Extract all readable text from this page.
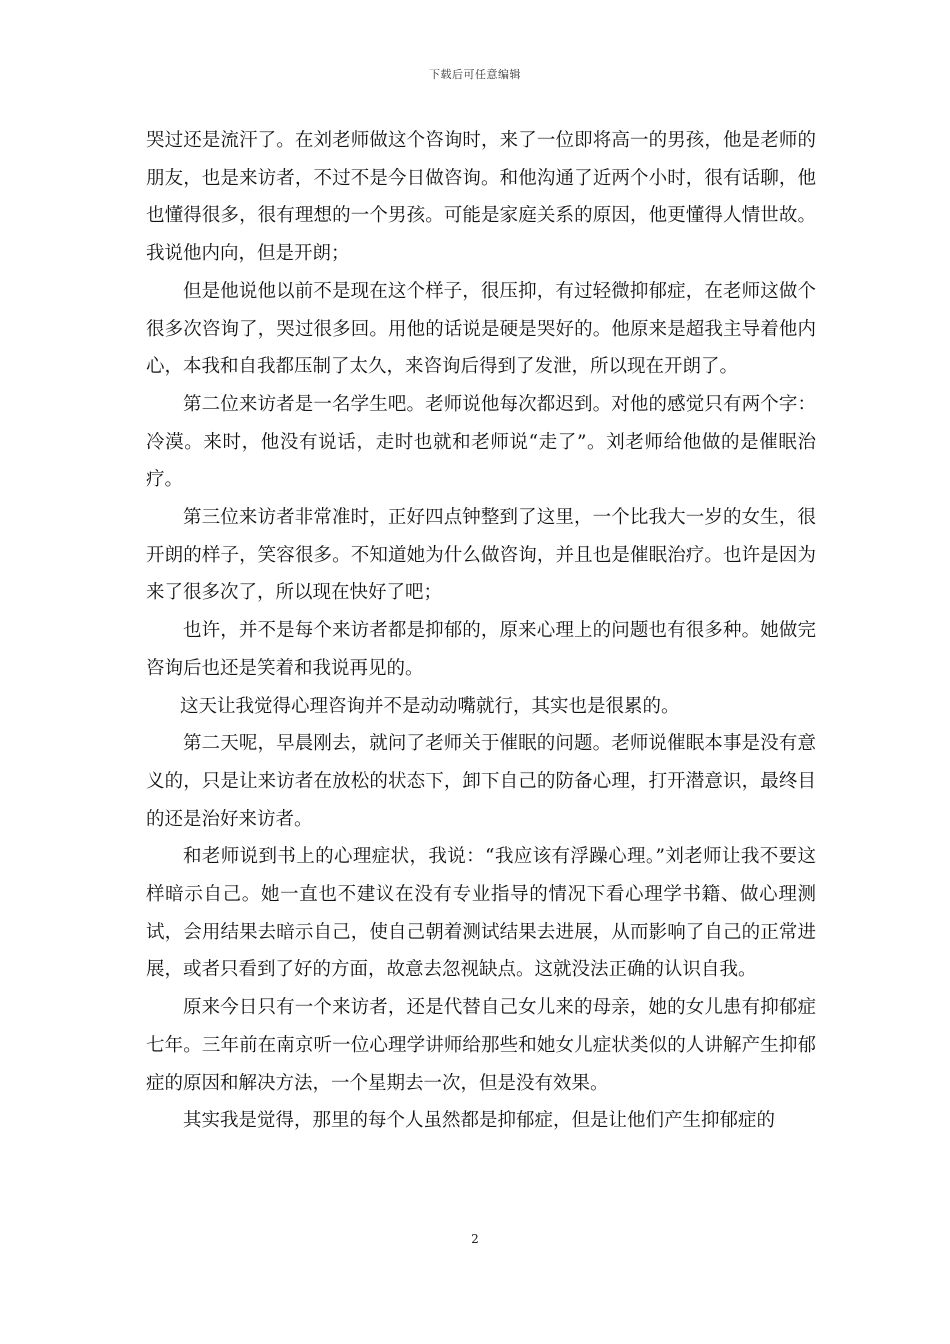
下载后可任意编辑

哭过还是流汗了。在刘老师做这个咨询时，来了一位即将高一的男孩，他是老师的朋友，也是来访者，不过不是今日做咨询。和他沟通了近两个小时，很有话聊，他也懂得很多，很有理想的一个男孩。可能是家庭关系的原因，他更懂得人情世故。我说他内向，但是开朗；

但是他说他以前不是现在这个样子，很压抑，有过轻微抑郁症，在老师这做个很多次咨询了，哭过很多回。用他的话说是硬是哭好的。他原来是超我主导着他内心，本我和自我都压制了太久，来咨询后得到了发泄，所以现在开朗了。

第二位来访者是一名学生吧。老师说他每次都迟到。对他的感觉只有两个字：冷漠。来时，他没有说话，走时也就和老师说“走了”。刘老师给他做的是催眠治疗。

第三位来访者非常准时，正好四点钟整到了这里，一个比我大一岁的女生，很开朗的样子，笑容很多。不知道她为什么做咨询，并且也是催眠治疗。也许是因为来了很多次了，所以现在快好了吧；

也许，并不是每个来访者都是抑郁的，原来心理上的问题也有很多种。她做完咨询后也还是笑着和我说再见的。

这天让我觉得心理咨询并不是动动嘴就行，其实也是很累的。

第二天呢，早晨刚去，就问了老师关于催眠的问题。老师说催眠本事是没有意义的，只是让来访者在放松的状态下，卸下自己的防备心理，打开潜意识，最终目的还是治好来访者。

和老师说到书上的心理症状，我说：“我应该有浮躁心理。”刘老师让我不要这样暗示自己。她一直也不建议在没有专业指导的情况下看心理学书籍、做心理测试，会用结果去暗示自己，使自己朝着测试结果去进展，从而影响了自己的正常进展，或者只看到了好的方面，故意去忽视缺点。这就没法正确的认识自我。

原来今日只有一个来访者，还是代替自己女儿来的母亲，她的女儿患有抑郁症七年。三年前在南京听一位心理学讲师给那些和她女儿症状类似的人讲解产生抑郁症的原因和解决方法，一个星期去一次，但是没有效果。

其实我是觉得，那里的每个人虽然都是抑郁症，但是让他们产生抑郁症的

2
